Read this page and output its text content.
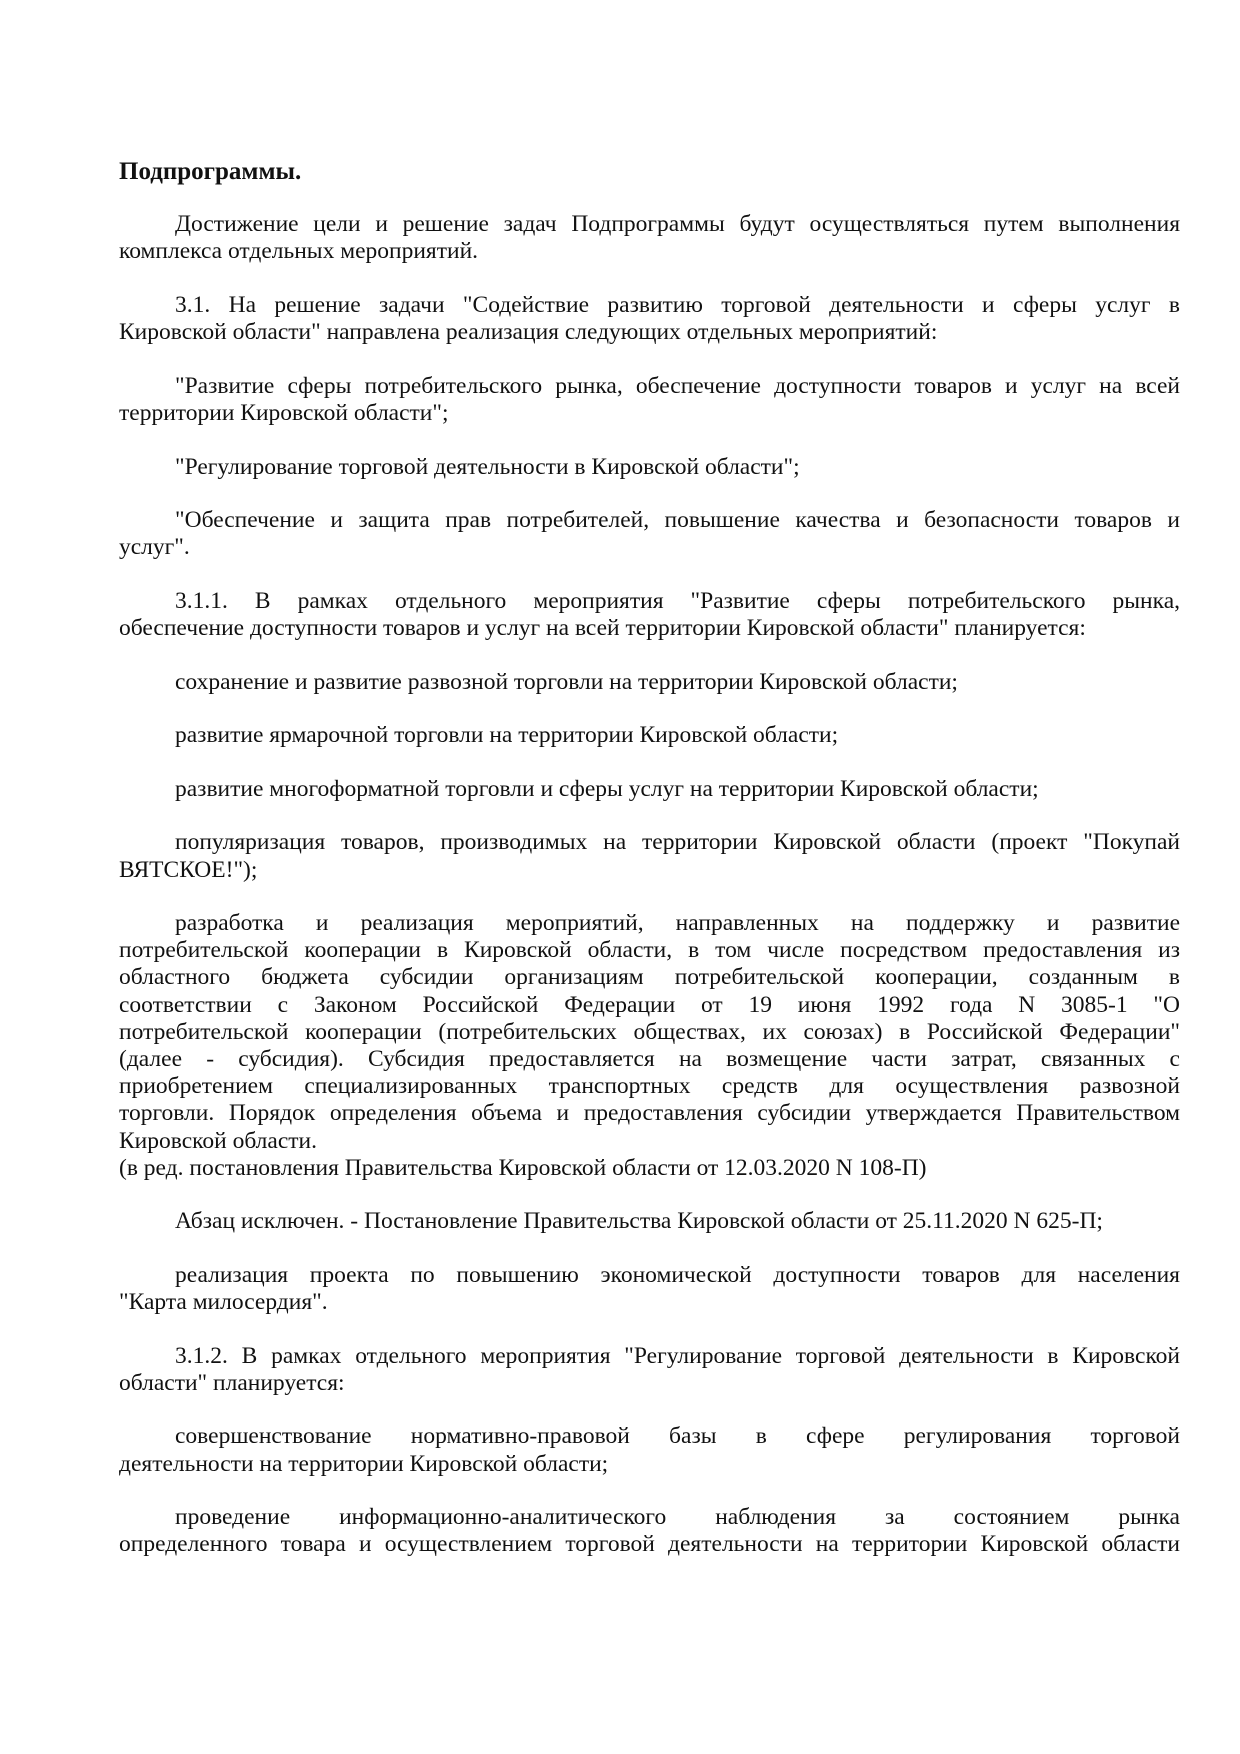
Подпрограммы.
Достижение цели и решение задач Подпрограммы будут осуществляться путем выполнения
комплекса отдельных мероприятий.
3.1. На решение задачи "Содействие развитию торговой деятельности и сферы услуг в
Кировской области" направлена реализация следующих отдельных мероприятий:
"Развитие сферы потребительского рынка, обеспечение доступности товаров и услуг на всей
территории Кировской области";
"Регулирование торговой деятельности в Кировской области";
"Обеспечение и защита прав потребителей, повышение качества и безопасности товаров и
услуг".
3.1.1. В рамках отдельного мероприятия "Развитие сферы потребительского рынка,
обеспечение доступности товаров и услуг на всей территории Кировской области" планируется:
сохранение и развитие развозной торговли на территории Кировской области;
развитие ярмарочной торговли на территории Кировской области;
развитие многоформатной торговли и сферы услуг на территории Кировской области;
популяризация товаров, производимых на территории Кировской области (проект "Покупай
ВЯТСКОЕ!");
разработка и реализация мероприятий, направленных на поддержку и развитие
потребительской кооперации в Кировской области, в том числе посредством предоставления из
областного бюджета субсидии организациям потребительской кооперации, созданным в
соответствии с Законом Российской Федерации от 19 июня 1992 года N 3085-1 "О
потребительской кооперации (потребительских обществах, их союзах) в Российской Федерации"
(далее - субсидия). Субсидия предоставляется на возмещение части затрат, связанных с
приобретением специализированных транспортных средств для осуществления развозной
торговли. Порядок определения объема и предоставления субсидии утверждается Правительством
Кировской области.
(в ред. постановления Правительства Кировской области от 12.03.2020 N 108-П)
Абзац исключен. - Постановление Правительства Кировской области от 25.11.2020 N 625-П;
реализация проекта по повышению экономической доступности товаров для населения
"Карта милосердия".
3.1.2. В рамках отдельного мероприятия "Регулирование торговой деятельности в Кировской
области" планируется:
совершенствование нормативно-правовой базы в сфере регулирования торговой
деятельности на территории Кировской области;
проведение информационно-аналитического наблюдения за состоянием рынка
определенного товара и осуществлением торговой деятельности на территории Кировской области
